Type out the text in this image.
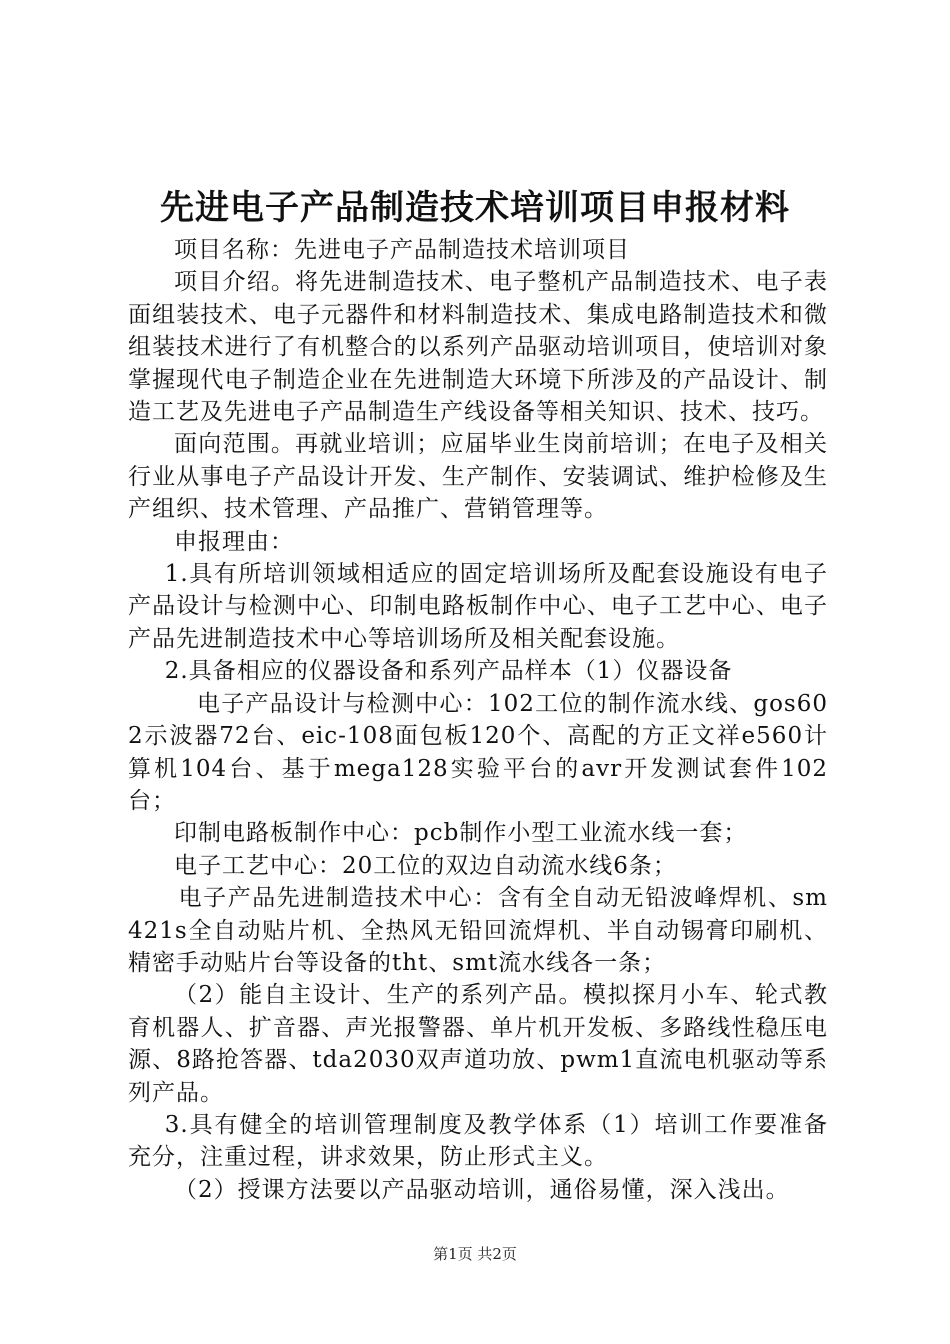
先进电子产品制造技术培训项目申报材料

项目名称：先进电子产品制造技术培训项目

项目介绍。将先进制造技术、电子整机产品制造技术、电子表面组装技术、电子元器件和材料制造技术、集成电路制造技术和微组装技术进行了有机整合的以系列产品驱动培训项目，使培训对象掌握现代电子制造企业在先进制造大环境下所涉及的产品设计、制造工艺及先进电子产品制造生产线设备等相关知识、技术、技巧。

面向范围。再就业培训；应届毕业生岗前培训；在电子及相关行业从事电子产品设计开发、生产制作、安装调试、维护检修及生产组织、技术管理、产品推广、营销管理等。

申报理由：

1.具有所培训领域相适应的固定培训场所及配套设施设有电子产品设计与检测中心、印制电路板制作中心、电子工艺中心、电子产品先进制造技术中心等培训场所及相关配套设施。

2.具备相应的仪器设备和系列产品样本（1）仪器设备

电子产品设计与检测中心：102工位的制作流水线、gos602示波器72台、eic-108面包板120个、高配的方正文祥e560计算机104台、基于mega128实验平台的avr开发测试套件102台；

印制电路板制作中心：pcb制作小型工业流水线一套；

电子工艺中心：20工位的双边自动流水线6条；

电子产品先进制造技术中心：含有全自动无铅波峰焊机、sm421s全自动贴片机、全热风无铅回流焊机、半自动锡膏印刷机、精密手动贴片台等设备的tht、smt流水线各一条；

（2）能自主设计、生产的系列产品。模拟探月小车、轮式教育机器人、扩音器、声光报警器、单片机开发板、多路线性稳压电源、8路抢答器、tda2030双声道功放、pwm1直流电机驱动等系列产品。

3.具有健全的培训管理制度及教学体系（1）培训工作要准备充分，注重过程，讲求效果，防止形式主义。

（2）授课方法要以产品驱动培训，通俗易懂，深入浅出。

第1页 共2页
